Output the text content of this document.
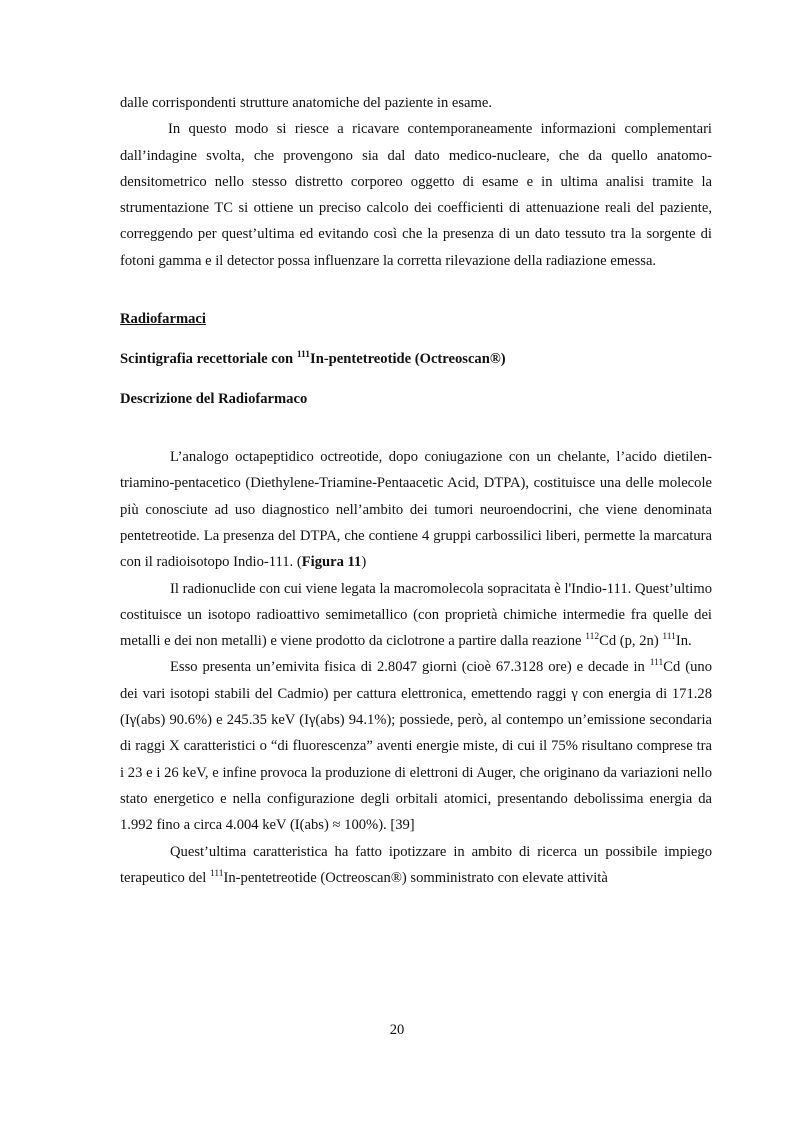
dalle corrispondenti strutture anatomiche del paziente in esame.

In questo modo si riesce a ricavare contemporaneamente informazioni complementari dall’indagine svolta, che provengono sia dal dato medico-nucleare, che da quello anatomo-densitometrico nello stesso distretto corporeo oggetto di esame e in ultima analisi tramite la strumentazione TC si ottiene un preciso calcolo dei coefficienti di attenuazione reali del paziente, correggendo per quest’ultima ed evitando così che la presenza di un dato tessuto tra la sorgente di fotoni gamma e il detector possa influenzare la corretta rilevazione della radiazione emessa.

Radiofarmaci

Scintigrafia recettoriale con $^{111}$In-pentetreotide (Octreoscan®)

Descrizione del Radiofarmaco

L’analogo octapeptidico octreotide, dopo coniugazione con un chelante, l’acido dietilen-triamino-pentacetico (Diethylene-Triamine-Pentaacetic Acid, DTPA), costituisce una delle molecole più conosciute ad uso diagnostico nell’ambito dei tumori neuroendocrini, che viene denominata pentetreotide. La presenza del DTPA, che contiene 4 gruppi carbossilici liberi, permette la marcatura con il radioisotopo Indio-111. (Figura 11)

Il radionuclide con cui viene legata la macromolecola sopracitata è l'Indio-111. Quest’ultimo costituisce un isotopo radioattivo semimetallico (con proprietà chimiche intermedie fra quelle dei metalli e dei non metalli) e viene prodotto da ciclotrone a partire dalla reazione $^{112}$Cd (p, 2n) $^{111}$In.

Esso presenta un’emivita fisica di 2.8047 giorni (cioè 67.3128 ore) e decade in $^{111}$Cd (uno dei vari isotopi stabili del Cadmio) per cattura elettronica, emettendo raggi γ con energia di 171.28 (Iγ(abs) 90.6%) e 245.35 keV (Iγ(abs) 94.1%); possiede, però, al contempo un’emissione secondaria di raggi X caratteristici o “di fluorescenza” aventi energie miste, di cui il 75% risultano comprese tra i 23 e i 26 keV, e infine provoca la produzione di elettroni di Auger, che originano da variazioni nello stato energetico e nella configurazione degli orbitali atomici, presentando debolissima energia da 1.992 fino a circa 4.004 keV (I(abs) ≈ 100%). [39]

Quest’ultima caratteristica ha fatto ipotizzare in ambito di ricerca un possibile impiego terapeutico del $^{111}$In-pentetreotide (Octreoscan®) somministrato con elevate attività

20
